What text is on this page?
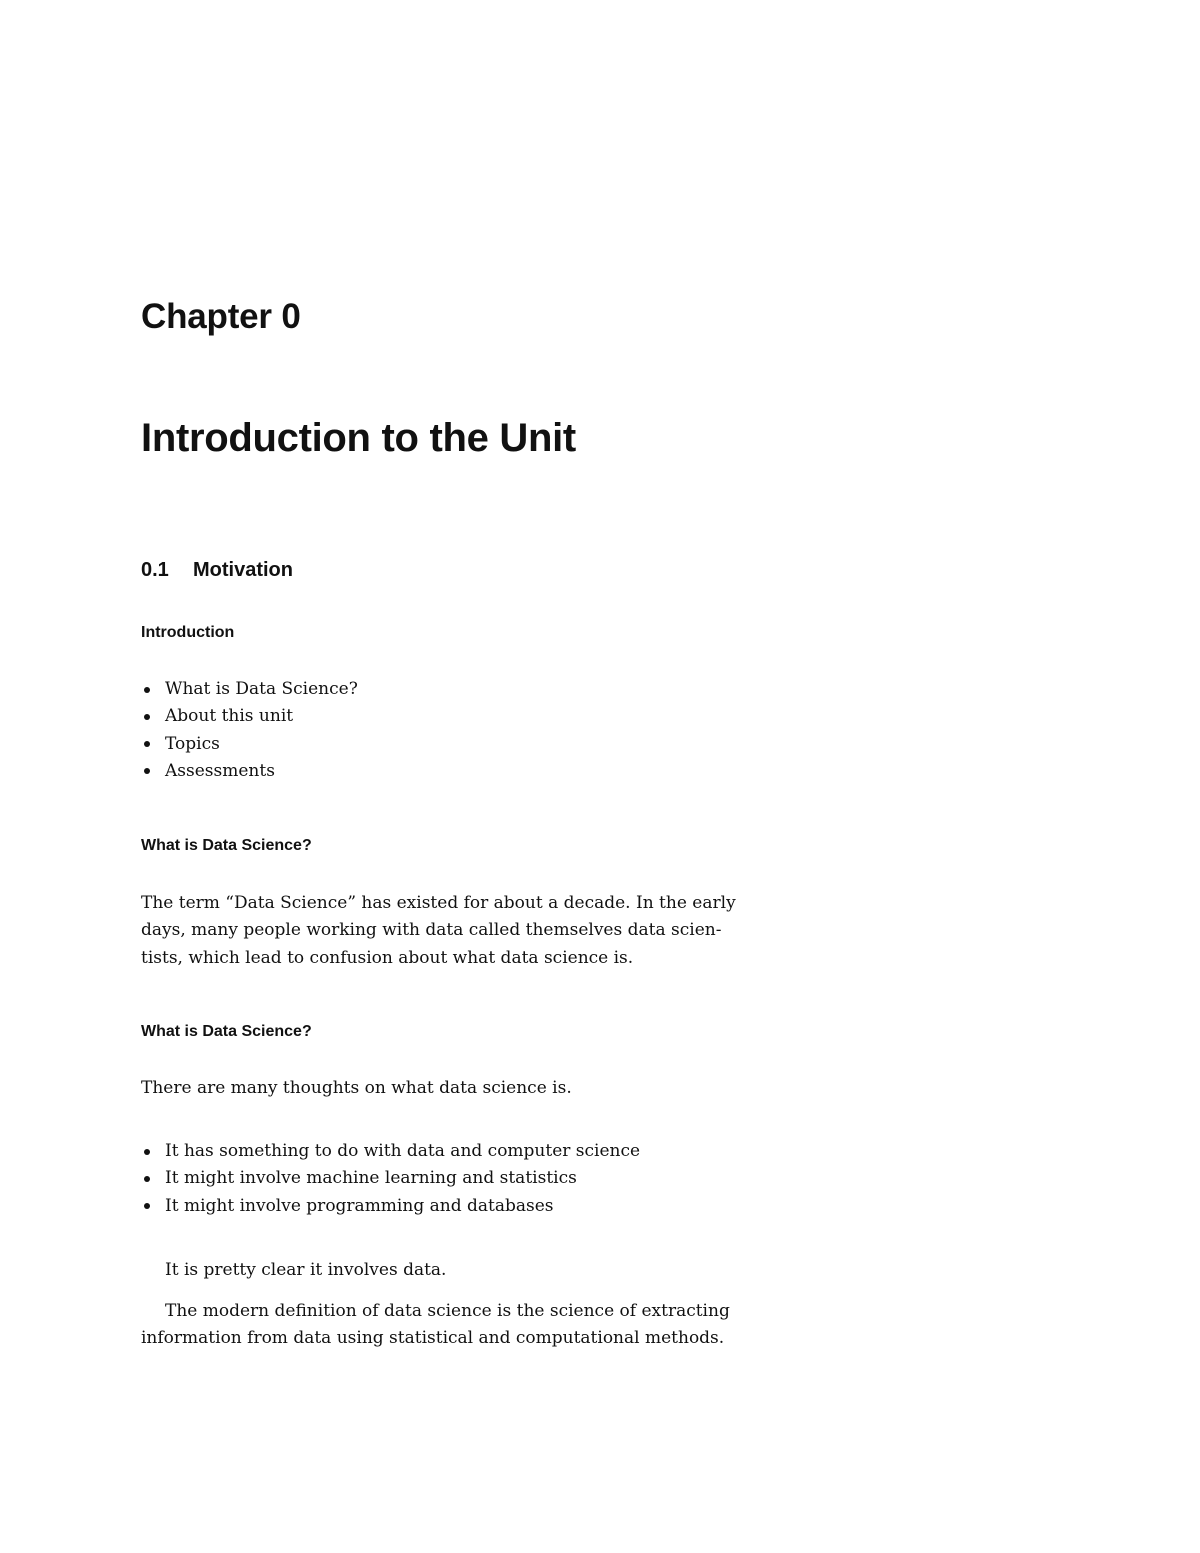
Chapter 0
Introduction to the Unit
0.1 Motivation
Introduction
What is Data Science?
About this unit
Topics
Assessments
What is Data Science?

The term “Data Science” has existed for about a decade. In the early
days, many people working with data called themselves data scien-
tists, which lead to confusion about what data science is.

What is Data Science?

There are many thoughts on what data science is.

It has something to do with data and computer science
It might involve machine learning and statistics
It might involve programming and databases

It is pretty clear it involves data.

The modern definition of data science is the science of extracting
information from data using statistical and computational methods.
